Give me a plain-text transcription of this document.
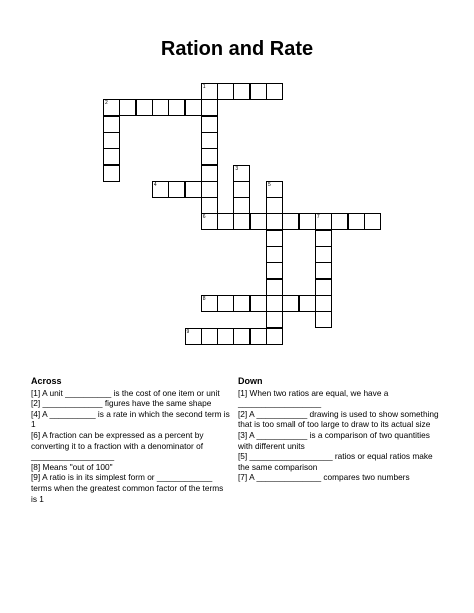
Ration and Rate
1
6
2
3
4	5
7
8
9
Across

[1] A unit __________ is the cost of one item or unit

[2] _____________ figures have the same shape

[4] A __________ is a rate in which the second term is 1

[6] A fraction can be expressed as a percent by converting it to a fraction with a denominator of __________________

[8] Means "out of 100"

[9] A ratio is in its simplest form or ____________ terms when the greatest common factor of the terms is 1

Down

[1] When two ratios are equal, we have a __________________

[2] A ___________ drawing is used to show something that is too small of too large to draw to its actual size

[3] A ___________ is a comparison of two quantities with different units

[5] __________________ ratios or equal ratios make the same comparison

[7] A ______________ compares two numbers
